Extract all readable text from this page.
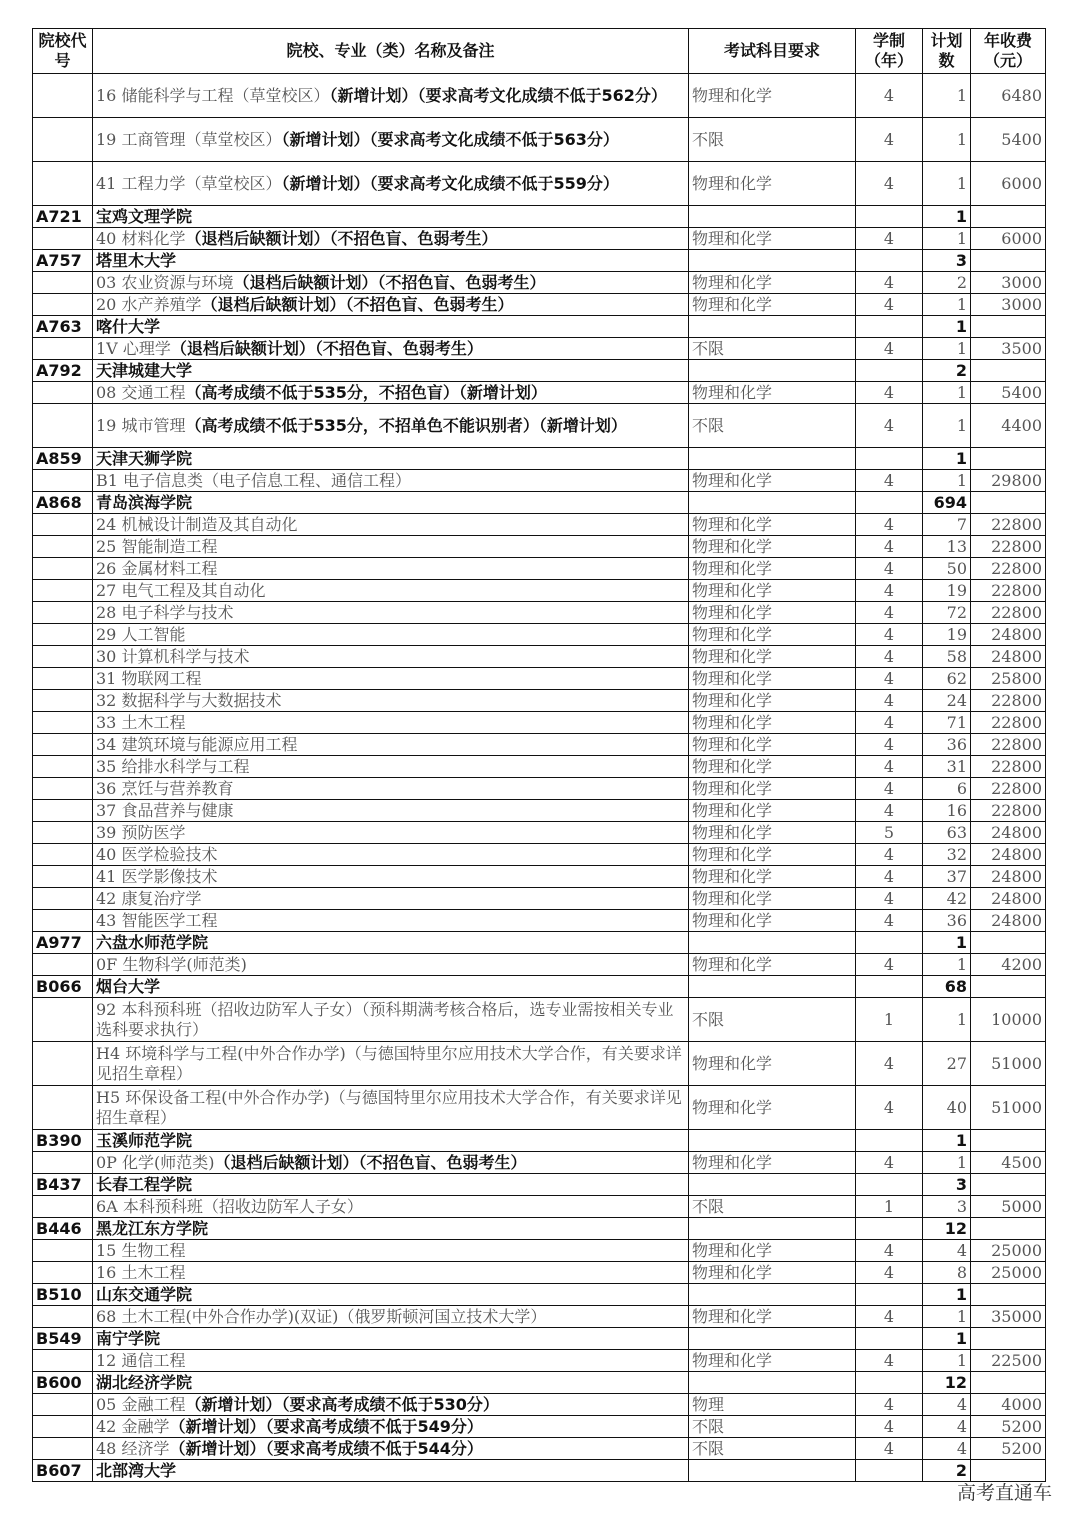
院校代号	院校、专业（类）名称及备注	考试科目要求	学制（年）	计划数	年收费（元）
	16 储能科学与工程（草堂校区）（新增计划）（要求高考文化成绩不低于562分）	物理和化学	4	1	6480
	19 工商管理（草堂校区）（新增计划）（要求高考文化成绩不低于563分）	不限	4	1	5400
	41 工程力学（草堂校区）（新增计划）（要求高考文化成绩不低于559分）	物理和化学	4	1	6000
A721	宝鸡文理学院			1	
	40 材料化学（退档后缺额计划）（不招色盲、色弱考生）	物理和化学	4	1	6000
A757	塔里木大学			3	
	03 农业资源与环境（退档后缺额计划）（不招色盲、色弱考生）	物理和化学	4	2	3000
	20 水产养殖学（退档后缺额计划）（不招色盲、色弱考生）	物理和化学	4	1	3000
A763	喀什大学			1	
	1V 心理学（退档后缺额计划）（不招色盲、色弱考生）	不限	4	1	3500
A792	天津城建大学			2	
	08 交通工程（高考成绩不低于535分，不招色盲）（新增计划）	物理和化学	4	1	5400
	19 城市管理（高考成绩不低于535分，不招单色不能识别者）（新增计划）	不限	4	1	4400
A859	天津天狮学院			1	
	B1 电子信息类（电子信息工程、通信工程）	物理和化学	4	1	29800
A868	青岛滨海学院			694	
	24 机械设计制造及其自动化	物理和化学	4	7	22800
	25 智能制造工程	物理和化学	4	13	22800
	26 金属材料工程	物理和化学	4	50	22800
	27 电气工程及其自动化	物理和化学	4	19	22800
	28 电子科学与技术	物理和化学	4	72	22800
	29 人工智能	物理和化学	4	19	24800
	30 计算机科学与技术	物理和化学	4	58	24800
	31 物联网工程	物理和化学	4	62	25800
	32 数据科学与大数据技术	物理和化学	4	24	22800
	33 土木工程	物理和化学	4	71	22800
	34 建筑环境与能源应用工程	物理和化学	4	36	22800
	35 给排水科学与工程	物理和化学	4	31	22800
	36 烹饪与营养教育	物理和化学	4	6	22800
	37 食品营养与健康	物理和化学	4	16	22800
	39 预防医学	物理和化学	5	63	24800
	40 医学检验技术	物理和化学	4	32	24800
	41 医学影像技术	物理和化学	4	37	24800
	42 康复治疗学	物理和化学	4	42	24800
	43 智能医学工程	物理和化学	4	36	24800
A977	六盘水师范学院			1	
	0F 生物科学(师范类)	物理和化学	4	1	4200
B066	烟台大学			68	
	92 本科预科班（招收边防军人子女）（预科期满考核合格后，选专业需按相关专业选科要求执行）	不限	1	1	10000
	H4 环境科学与工程(中外合作办学)（与德国特里尔应用技术大学合作，有关要求详见招生章程）	物理和化学	4	27	51000
	H5 环保设备工程(中外合作办学)（与德国特里尔应用技术大学合作，有关要求详见招生章程）	物理和化学	4	40	51000
B390	玉溪师范学院			1	
	0P 化学(师范类)（退档后缺额计划）（不招色盲、色弱考生）	物理和化学	4	1	4500
B437	长春工程学院			3	
	6A 本科预科班（招收边防军人子女）	不限	1	3	5000
B446	黑龙江东方学院			12	
	15 生物工程	物理和化学	4	4	25000
	16 土木工程	物理和化学	4	8	25000
B510	山东交通学院			1	
	68 土木工程(中外合作办学)(双证)（俄罗斯顿河国立技术大学）	物理和化学	4	1	35000
B549	南宁学院			1	
	12 通信工程	物理和化学	4	1	22500
B600	湖北经济学院			12	
	05 金融工程（新增计划）（要求高考成绩不低于530分）	物理	4	4	4000
	42 金融学（新增计划）（要求高考成绩不低于549分）	不限	4	4	5200
	48 经济学（新增计划）（要求高考成绩不低于544分）	不限	4	4	5200
B607	北部湾大学			2	
高考直通车
